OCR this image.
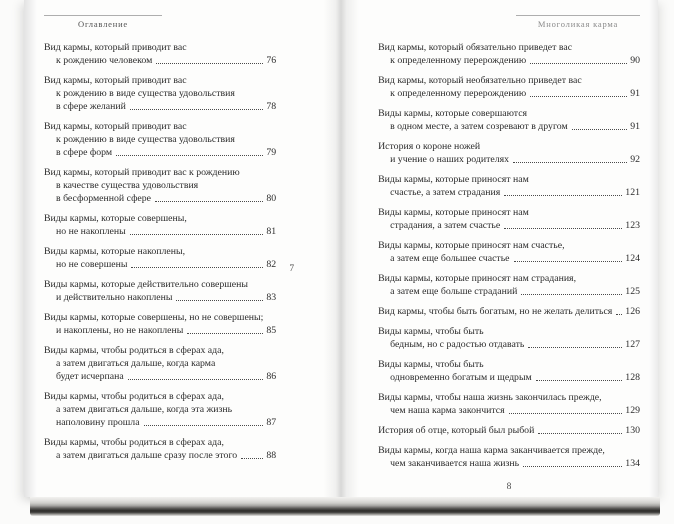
Оглавление
Вид кармы, который приводит вас
к рождению человеком	76
Вид кармы, который приводит вас
к рождению в виде существа удовольствия
в сфере желаний	78
Вид кармы, который приводит вас
к рождению в виде существа удовольствия
в сфере форм	79
Вид кармы, который приводит вас к рождению
в качестве существа удовольствия
в бесформенной сфере	80
Виды кармы, которые совершены,
но не накоплены	81
Виды кармы, которые накоплены,
но не совершены	82
Виды кармы, которые действительно совершены
и действительно накоплены	83
Виды кармы, которые совершены, но не совершены;
и накоплены, но не накоплены	85
Виды кармы, чтобы родиться в сферах ада,
а затем двигаться дальше, когда карма
будет исчерпана	86
Виды кармы, чтобы родиться в сферах ада,
а затем двигаться дальше, когда эта жизнь
наполовину прошла	87
Виды кармы, чтобы родиться в сферах ада,
а затем двигаться дальше сразу после этого	88
7
Многоликая карма
Вид кармы, который обязательно приведет вас
к определенному перерождению	90
Вид кармы, который необязательно приведет вас
к определенному перерождению	91
Виды кармы, которые совершаются
в одном месте, а затем созревают в другом	91
История о короне ножей
и учение о наших родителях	92
Виды кармы, которые приносят нам
счастье, а затем страдания	121
Виды кармы, которые приносят нам
страдания, а затем счастье	123
Виды кармы, которые приносят нам счастье,
а затем еще большее счастье	124
Виды кармы, которые приносят нам страдания,
а затем еще больше страданий	125
Вид кармы, чтобы быть богатым, но не желать делиться 126
Виды кармы, чтобы быть
бедным, но с радостью отдавать	127
Виды кармы, чтобы быть
одновременно богатым и щедрым	128
Виды кармы, чтобы наша жизнь закончилась прежде,
чем наша карма закончится	129
История об отце, который был рыбой	130
Виды кармы, когда наша карма заканчивается прежде,
чем заканчивается наша жизнь	134
8
